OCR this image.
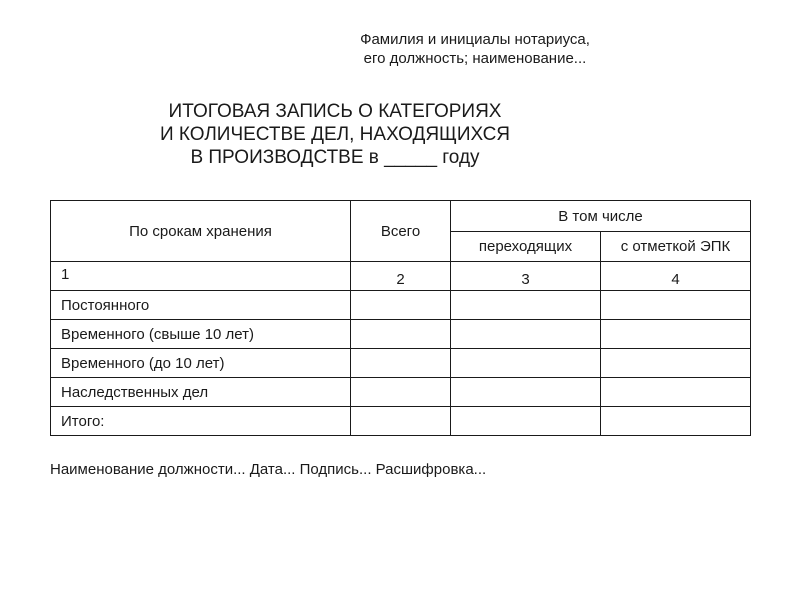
Фамилия и инициалы нотариуса,
его должность; наименование...
ИТОГОВАЯ ЗАПИСЬ О КАТЕГОРИЯХ
И КОЛИЧЕСТВЕ ДЕЛ, НАХОДЯЩИХСЯ
В ПРОИЗВОДСТВЕ в _____ году
По срокам хранения	Всего	В том числе	
		переходящих	с отметкой ЭПК
1	2	3	4
Постоянного			
Временного (свыше 10 лет)			
Временного (до 10 лет)			
Наследственных дел			
Итого:			
Наименование должности... Дата... Подпись... Расшифровка...
